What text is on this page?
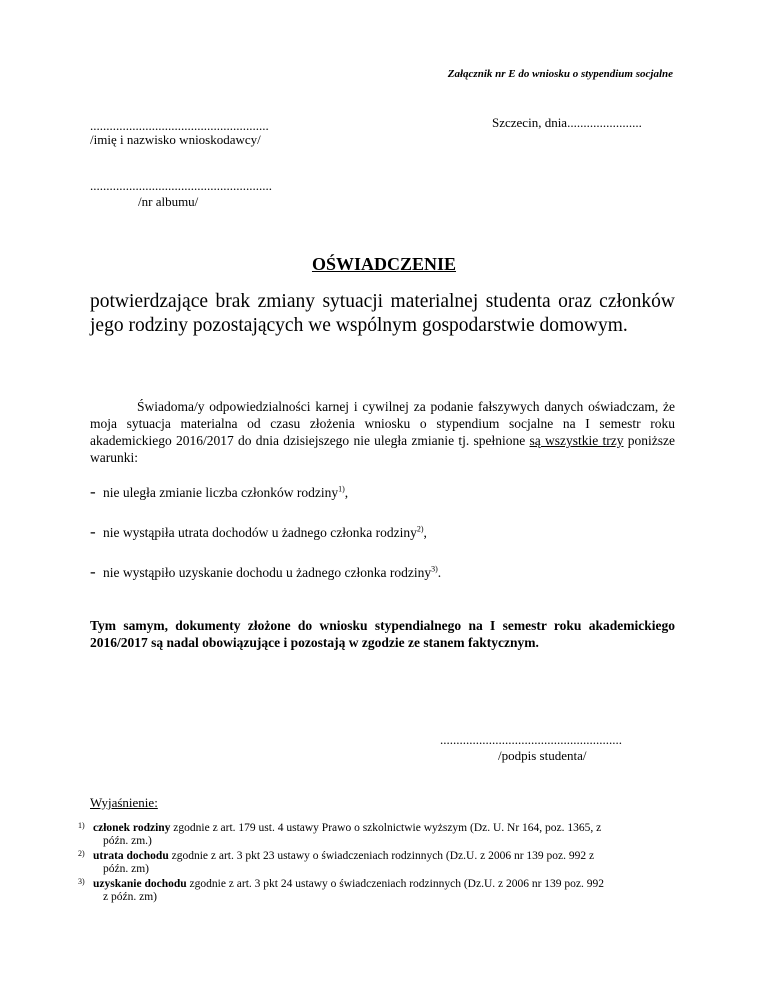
Załącznik nr E do wniosku o stypendium socjalne
.......................................................
/imię i nazwisko wnioskodawcy/
Szczecin, dnia.......................
........................................................
/nr albumu/
OŚWIADCZENIE
potwierdzające brak zmiany sytuacji materialnej studenta oraz członków jego rodziny pozostających we wspólnym gospodarstwie domowym.
Świadoma/y odpowiedzialności karnej i cywilnej za podanie fałszywych danych oświadczam, że moja sytuacja materialna od czasu złożenia wniosku o stypendium socjalne na I semestr roku akademickiego 2016/2017 do dnia dzisiejszego nie uległa zmianie tj. spełnione są wszystkie trzy poniższe warunki:
- nie uległa zmianie liczba członków rodziny$^{1)}$,
- nie wystąpiła utrata dochodów u żadnego członka rodziny$^{2)}$,
- nie wystąpiło uzyskanie dochodu u żadnego członka rodziny$^{3)}$.
Tym samym, dokumenty złożone do wniosku stypendialnego na I semestr roku akademickiego 2016/2017 są nadal obowiązujące i pozostają w zgodzie ze stanem faktycznym.
........................................................
/podpis studenta/
Wyjaśnienie:
1) członek rodziny zgodnie z art. 179 ust. 4 ustawy Prawo o szkolnictwie wyższym (Dz. U. Nr 164, poz. 1365, z
późn. zm.)
2) utrata dochodu zgodnie z art. 3 pkt 23 ustawy o świadczeniach rodzinnych (Dz.U. z 2006 nr 139 poz. 992 z
późn. zm)
3) uzyskanie dochodu zgodnie z art. 3 pkt 24 ustawy o świadczeniach rodzinnych (Dz.U. z 2006 nr 139 poz. 992
z późn. zm)
